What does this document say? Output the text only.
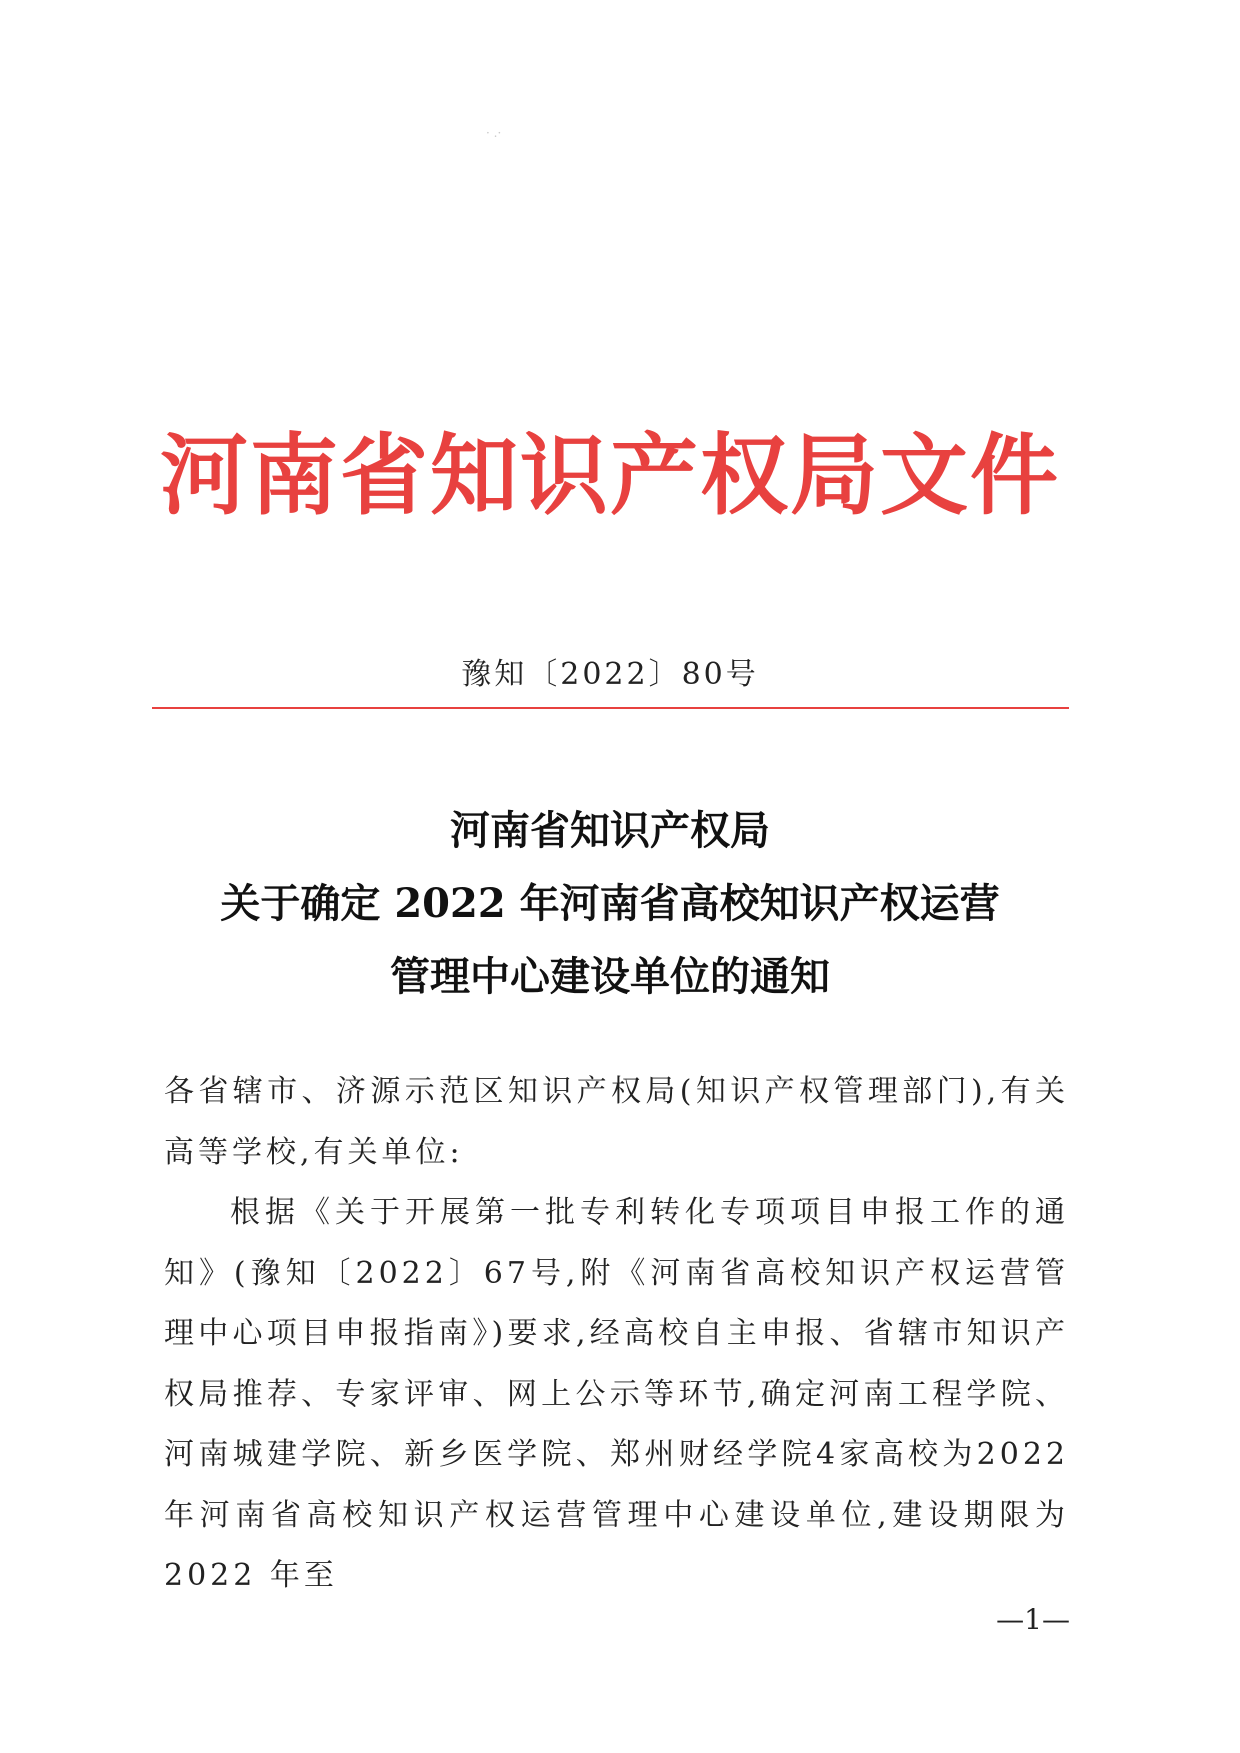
· .·
河南省知识产权局文件
豫知〔2022〕80号
河南省知识产权局
关于确定 2022 年河南省高校知识产权运营
管理中心建设单位的通知

各省辖市、济源示范区知识产权局(知识产权管理部门),有关高等学校,有关单位:

根据《关于开展第一批专利转化专项项目申报工作的通知》(豫知〔2022〕67号,附《河南省高校知识产权运营管理中心项目申报指南》)要求,经高校自主申报、省辖市知识产权局推荐、专家评审、网上公示等环节,确定河南工程学院、河南城建学院、新乡医学院、郑州财经学院4家高校为2022年河南省高校知识产权运营管理中心建设单位,建设期限为 2022 年至

—1—
